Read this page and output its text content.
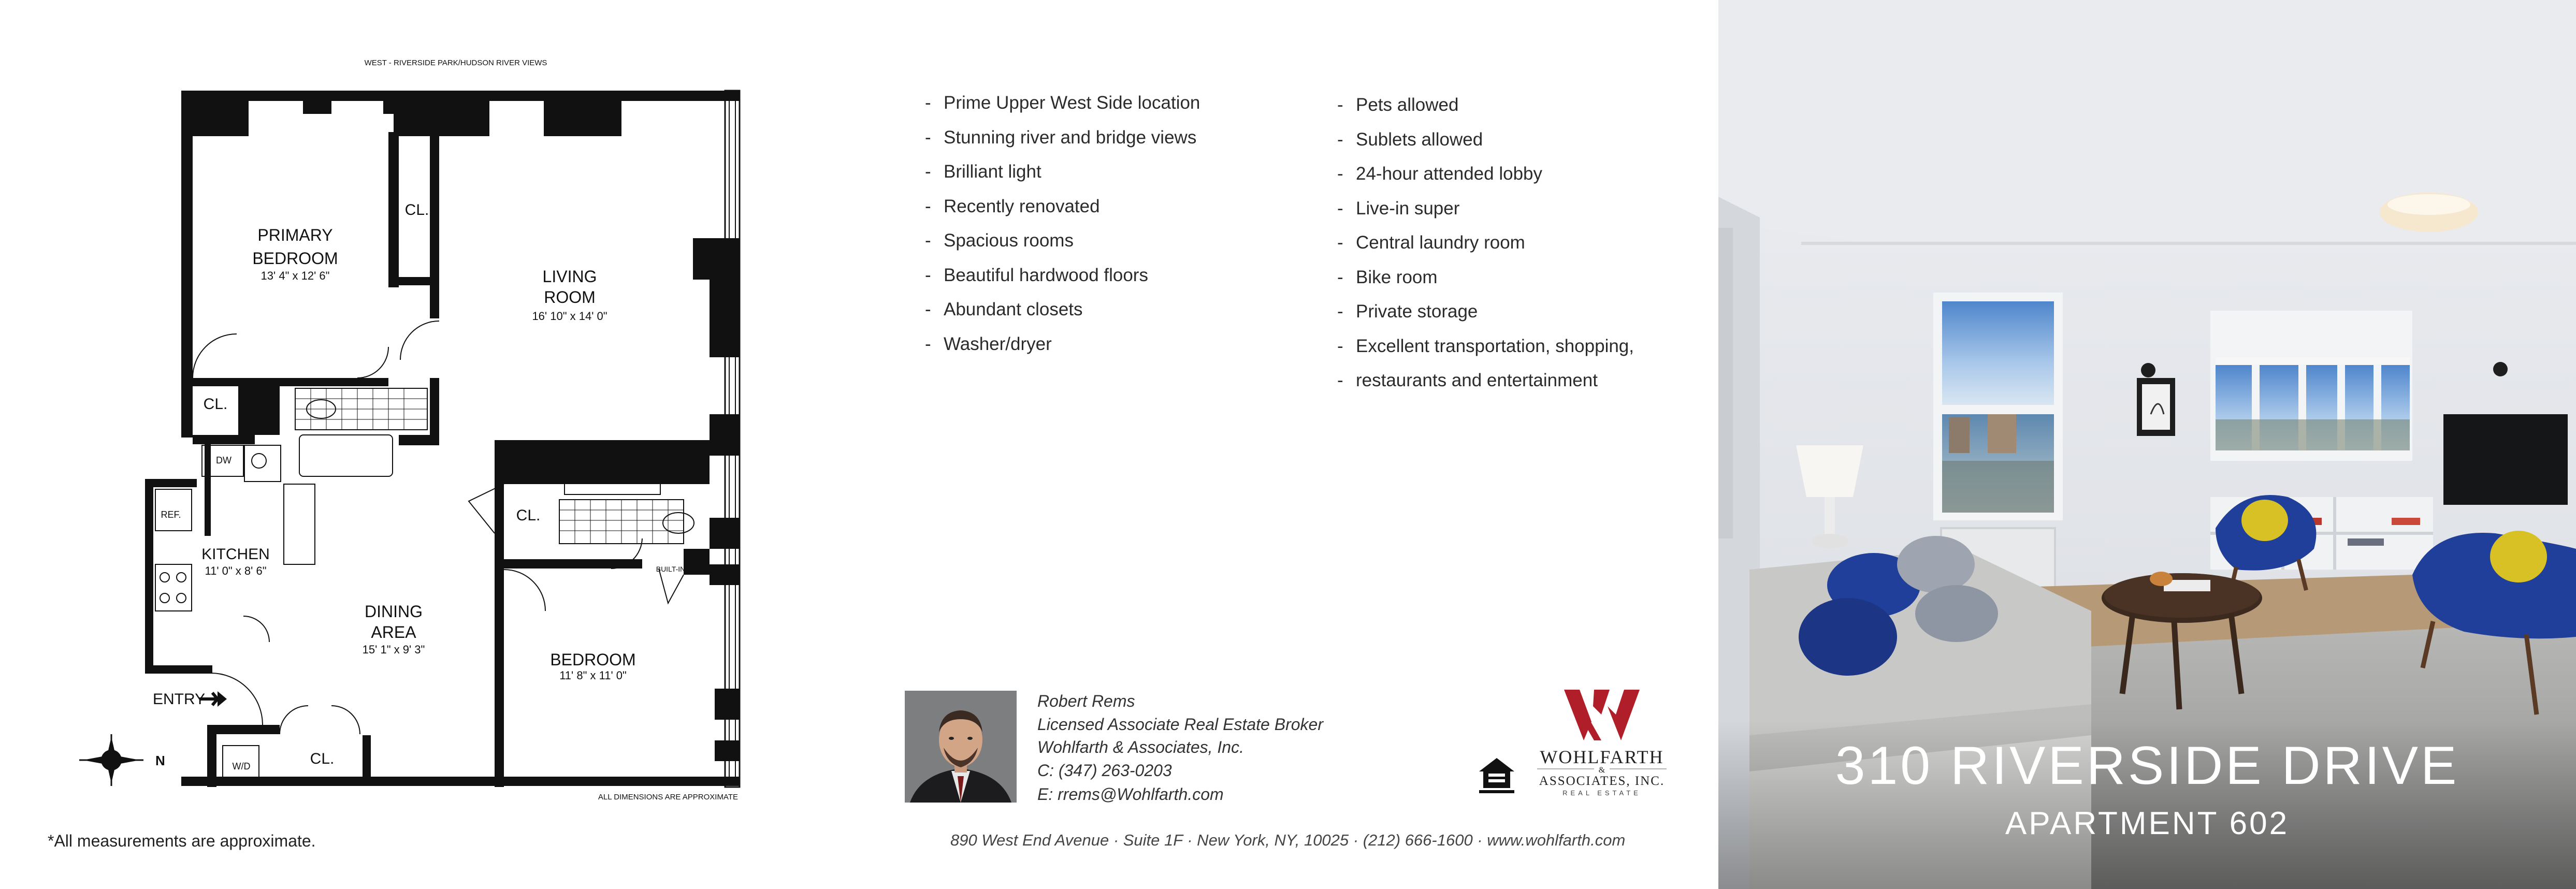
WEST - RIVERSIDE PARK/HUDSON RIVER VIEWS
PRIMARY
BEDROOM
13' 4" x 12' 6"
CL.
LIVING
ROOM
16' 10" x 14' 0"
CL.
DW
REF.
KITCHEN
11' 0" x 8' 6"
DINING
AREA
15' 1" x 9' 3"
CL.
BUILT-IN
BEDROOM
11' 8" x 11' 0"
W/D	CL.
ENTRY
N
ALL DIMENSIONS ARE APPROXIMATE
*All measurements are approximate.
- Prime Upper West Side location
- Stunning river and bridge views
- Brilliant light
- Recently renovated
- Spacious rooms
- Beautiful hardwood floors
- Abundant closets
- Washer/dryer
- Pets allowed
- Sublets allowed
- 24-hour attended lobby
- Live-in super
- Central laundry room
- Bike room
- Private storage
- Excellent transportation, shopping,
- restaurants and entertainment
Robert Rems
Licensed Associate Real Estate Broker
Wohlfarth & Associates, Inc.
C: (347) 263-0203
E: rrems@Wohlfarth.com
890 West End Avenue · Suite 1F · New York, NY, 10025 · (212) 666-1600 · www.wohlfarth.com
WOHLFARTH
&
ASSOCIATES, INC.
REAL ESTATE	310 RIVERSIDE DRIVE
APARTMENT 602
